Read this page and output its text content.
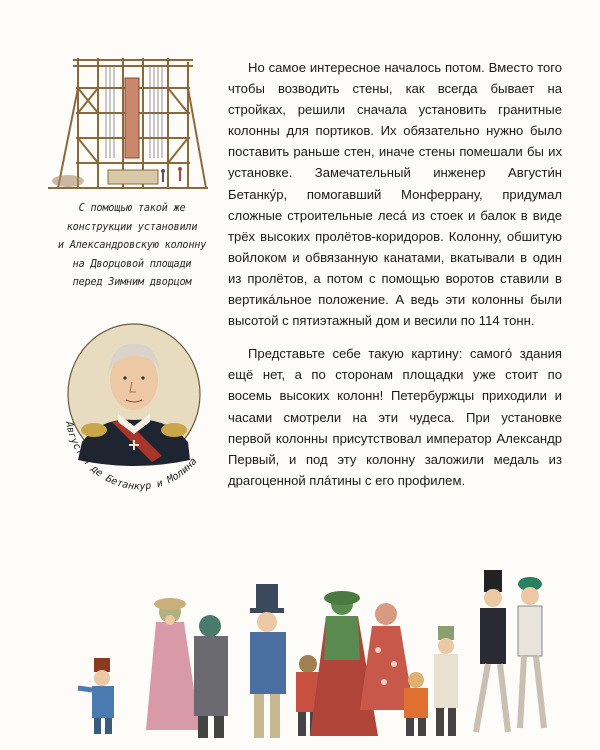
С помощью такой же
конструкции установили
и Александровскую колонну
на Дворцовой площади
перед Зимним дворцом
Августин де Бетанкур и Молина

Но самое интересное началось потом. Вместо того чтобы возводить стены, как всегда бывает на стройках, решили сначала установить гранитные колонны для портиков. Их обязательно нужно было поставить раньше стен, иначе стены помешали бы их установке. Замечательный инженер Августи́н Бетанку́р, помогавший Монферрану, придумал сложные строительные лесá из стоек и балок в виде трёх высоких пролётов-коридоров. Колонну, обшитую войлоком и обвязанную канатами, вкатывали в один из пролётов, а потом с помощью воротов ставили в вертикáльное положение. А ведь эти колонны были высотой с пятиэтажный дом и весили по 114 тонн.

Представьте себе такую картину: самогó здания ещё нет, а по сторонам площадки уже стоит по восемь высоких колонн! Петербуржцы приходили и часами смотрели на эти чудеса. При установке первой колонны присутствовал император Александр Первый, и под эту колонну заложили медаль из драгоценной плáтины с его профилем.
